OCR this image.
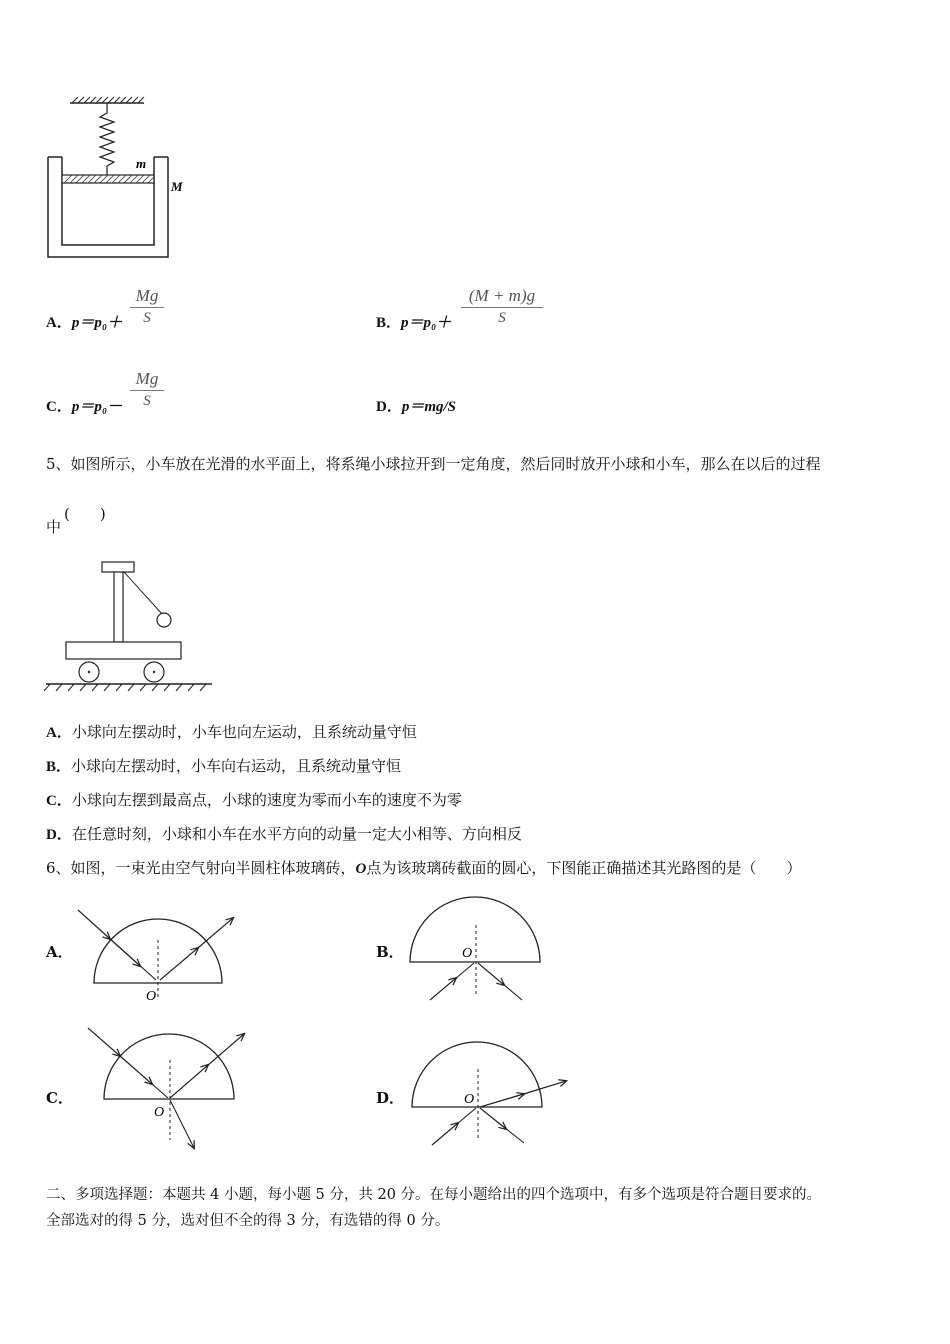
m
M
A．p＝p₀＋
Mg
S	B．p＝p₀＋
(M + m)g
S
C．p＝p₀－
Mg
S	D．p＝mg/S
5、如图所示，小车放在光滑的水平面上，将系绳小球拉开到一定角度，然后同时放开小球和小车，那么在以后的过程
中
(　　)
A．小球向左摆动时，小车也向左运动，且系统动量守恒
B．小球向左摆动时，小车向右运动，且系统动量守恒
C．小球向左摆到最高点，小球的速度为零而小车的速度不为零
D．在任意时刻，小球和小车在水平方向的动量一定大小相等、方向相反
6、如图，一束光由空气射向半圆柱体玻璃砖，O点为该玻璃砖截面的圆心，下图能正确描述其光路图的是（　　）
A．
O
B．	O
C．
O
D．	O
二、多项选择题：本题共 4 小题，每小题 5 分，共 20 分。在每小题给出的四个选项中，有多个选项是符合题目要求的。
全部选对的得 5 分，选对但不全的得 3 分，有选错的得 0 分。
